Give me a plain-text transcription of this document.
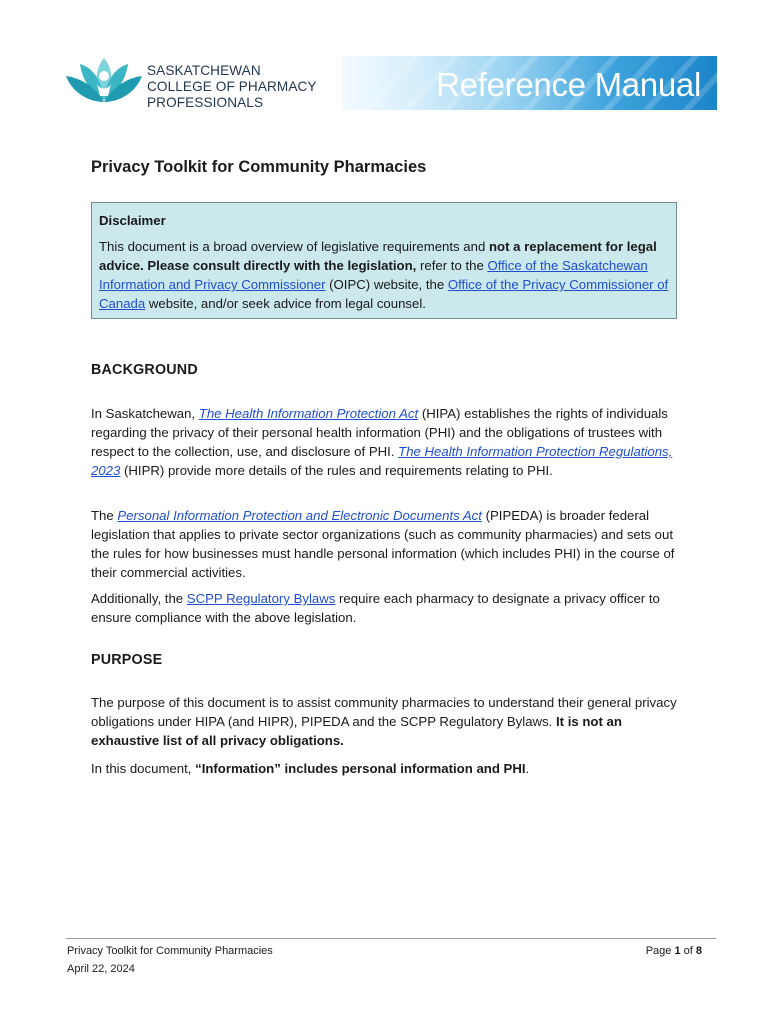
SASKATCHEWAN
COLLEGE OF PHARMACY
PROFESSIONALS	Reference Manual
Privacy Toolkit for Community Pharmacies
Disclaimer
This document is a broad overview of legislative requirements and not a replacement for legal advice. Please consult directly with the legislation, refer to the Office of the Saskatchewan Information and Privacy Commissioner (OIPC) website, the Office of the Privacy Commissioner of Canada website, and/or seek advice from legal counsel.
BACKGROUND

In Saskatchewan, The Health Information Protection Act (HIPA) establishes the rights of individuals regarding the privacy of their personal health information (PHI) and the obligations of trustees with respect to the collection, use, and disclosure of PHI. The Health Information Protection Regulations, 2023 (HIPR) provide more details of the rules and requirements relating to PHI.

The Personal Information Protection and Electronic Documents Act (PIPEDA) is broader federal legislation that applies to private sector organizations (such as community pharmacies) and sets out the rules for how businesses must handle personal information (which includes PHI) in the course of their commercial activities.

Additionally, the SCPP Regulatory Bylaws require each pharmacy to designate a privacy officer to ensure compliance with the above legislation.

PURPOSE

The purpose of this document is to assist community pharmacies to understand their general privacy obligations under HIPA (and HIPR), PIPEDA and the SCPP Regulatory Bylaws. It is not an exhaustive list of all privacy obligations.

In this document, “Information” includes personal information and PHI.

Privacy Toolkit for Community Pharmacies
April 22, 2024
Page 1 of 8
